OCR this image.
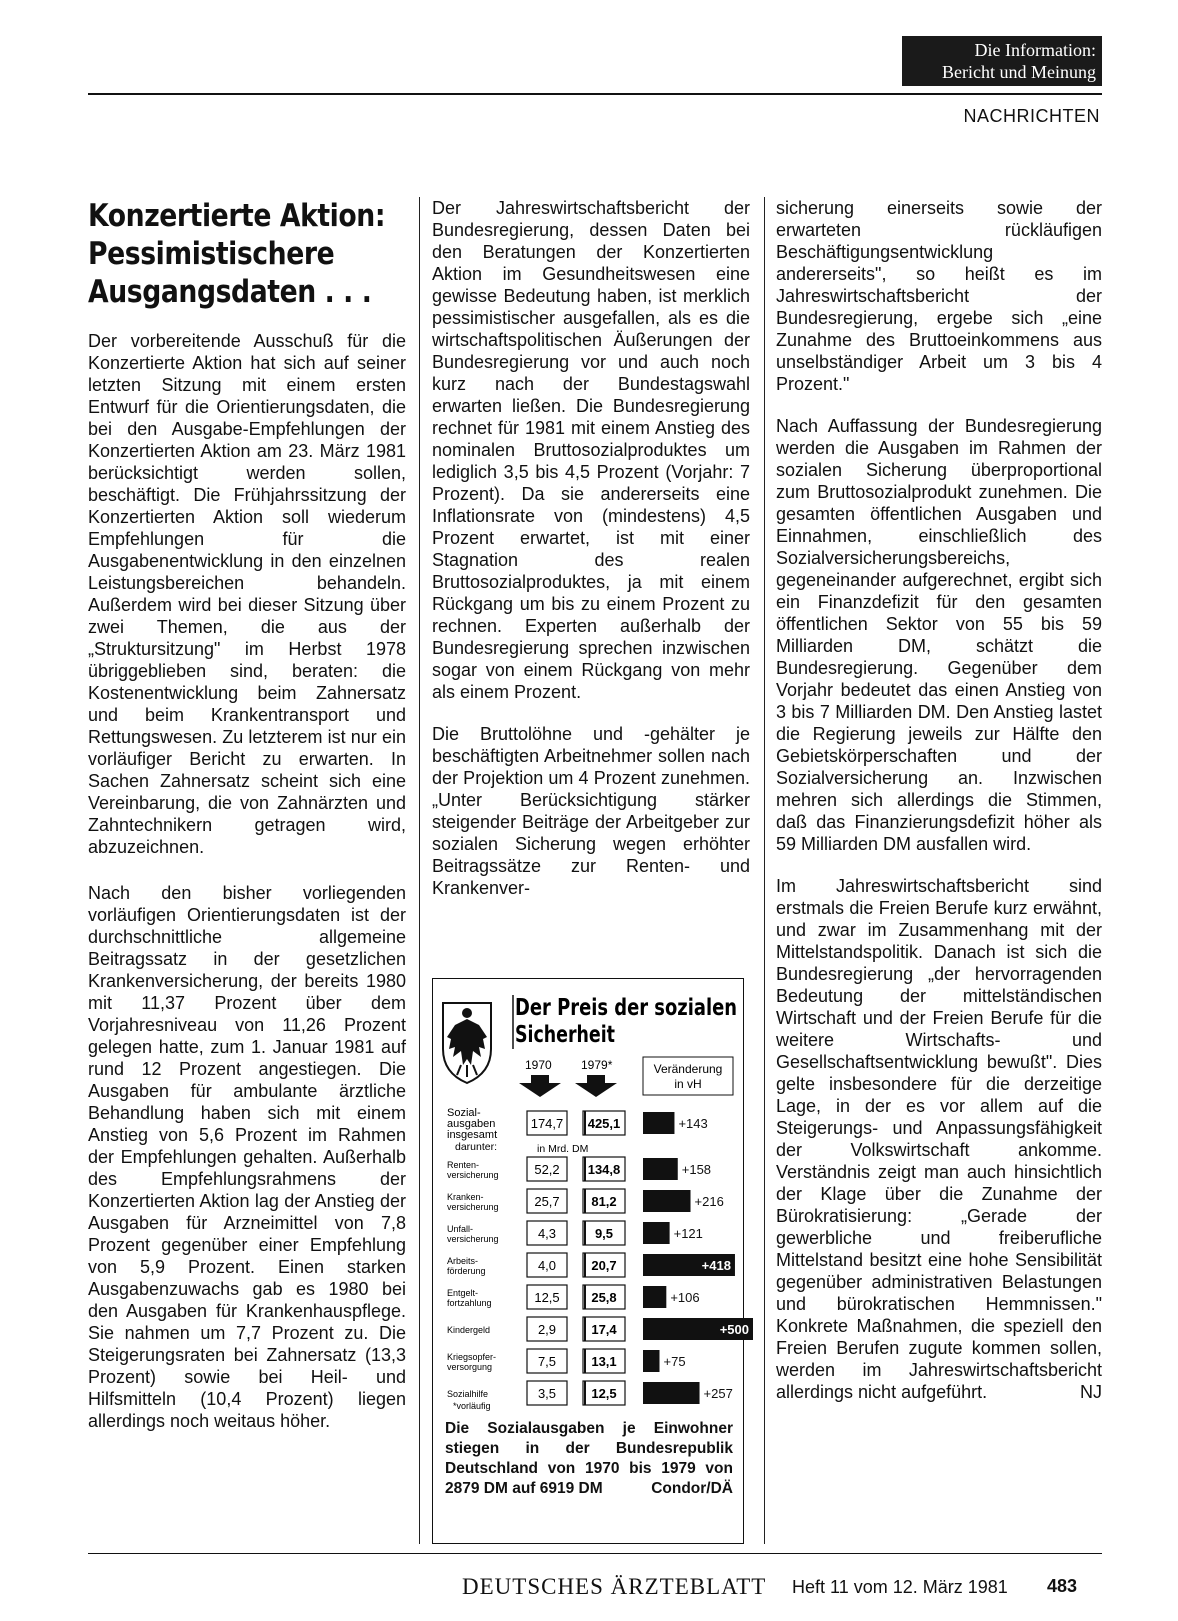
Die Information:
Bericht und Meinung
NACHRICHTEN
Konzertierte Aktion:
Pessimistischere
Ausgangsdaten . . .

Der vorbereitende Ausschuß für die Konzertierte Aktion hat sich auf seiner letzten Sitzung mit einem ersten Entwurf für die Orientierungsdaten, die bei den Ausgabe-Empfehlungen der Konzertierten Aktion am 23. März 1981 berücksichtigt werden sollen, beschäftigt. Die Frühjahrssitzung der Konzertierten Aktion soll wiederum Empfehlungen für die Ausgabenentwicklung in den einzelnen Leistungsbereichen behandeln. Außerdem wird bei dieser Sitzung über zwei Themen, die aus der „Struktursitzung" im Herbst 1978 übriggeblieben sind, beraten: die Kostenentwicklung beim Zahnersatz und beim Krankentransport und Rettungswesen. Zu letzterem ist nur ein vorläufiger Bericht zu erwarten. In Sachen Zahnersatz scheint sich eine Vereinbarung, die von Zahnärzten und Zahntechnikern getragen wird, abzuzeichnen.

Nach den bisher vorliegenden vorläufigen Orientierungsdaten ist der durchschnittliche allgemeine Beitragssatz in der gesetzlichen Krankenversicherung, der bereits 1980 mit 11,37 Prozent über dem Vorjahresniveau von 11,26 Prozent gelegen hatte, zum 1. Januar 1981 auf rund 12 Prozent angestiegen. Die Ausgaben für ambulante ärztliche Behandlung haben sich mit einem Anstieg von 5,6 Prozent im Rahmen der Empfehlungen gehalten. Außerhalb des Empfehlungsrahmens der Konzertierten Aktion lag der Anstieg der Ausgaben für Arzneimittel von 7,8 Prozent gegenüber einer Empfehlung von 5,9 Prozent. Einen starken Ausgabenzuwachs gab es 1980 bei den Ausgaben für Krankenhauspflege. Sie nahmen um 7,7 Prozent zu. Die Steigerungsraten bei Zahnersatz (13,3 Prozent) sowie bei Heil- und Hilfsmitteln (10,4 Prozent) liegen allerdings noch weitaus höher.

Der Jahreswirtschaftsbericht der Bundesregierung, dessen Daten bei den Beratungen der Konzertierten Aktion im Gesundheitswesen eine gewisse Bedeutung haben, ist merklich pessimistischer ausgefallen, als es die wirtschaftspolitischen Äußerungen der Bundesregierung vor und auch noch kurz nach der Bundestagswahl erwarten ließen. Die Bundesregierung rechnet für 1981 mit einem Anstieg des nominalen Bruttosozialproduktes um lediglich 3,5 bis 4,5 Prozent (Vorjahr: 7 Prozent). Da sie andererseits eine Inflationsrate von (mindestens) 4,5 Prozent erwartet, ist mit einer Stagnation des realen Bruttosozialproduktes, ja mit einem Rückgang um bis zu einem Prozent zu rechnen. Experten außerhalb der Bundesregierung sprechen inzwischen sogar von einem Rückgang von mehr als einem Prozent.

Die Bruttolöhne und -gehälter je beschäftigten Arbeitnehmer sollen nach der Projektion um 4 Prozent zunehmen. „Unter Berücksichtigung stärker steigender Beiträge der Arbeitgeber zur sozialen Sicherung wegen erhöhter Beitragssätze zur Renten- und Krankenver-

Der Preis der sozialen
Sicherheit
1970 1979*	Veränderung
in vH
darunter:	in Mrd. DM
Sozial-
ausgaben
insgesamt
174,7 425,1	+143
Renten-
versicherung	52,2 134,8	+158
Kranken-
versicherung	25,7 81,2	+216
Unfall-
versicherung	4,3	9,5	+121
Arbeits-
förderung	4,0	20,7	+418
Entgelt-
fortzahlung	12,5 25,8	+106
Kindergeld	2,9	17,4	+500
Kriegsopfer-
versorgung	7,5	13,1	+75
Sozialhilfe	3,5	12,5	+257
*vorläufig
Die Sozialausgaben je Einwohner stiegen in der Bundesrepublik Deutschland von 1970 bis 1979 von 2879 DM auf 6919 DM	Condor/DÄ

sicherung einerseits sowie der erwarteten rückläufigen Beschäftigungsentwicklung andererseits", so heißt es im Jahreswirtschaftsbericht der Bundesregierung, ergebe sich „eine Zunahme des Bruttoeinkommens aus unselbständiger Arbeit um 3 bis 4 Prozent."

Nach Auffassung der Bundesregierung werden die Ausgaben im Rahmen der sozialen Sicherung überproportional zum Bruttosozialprodukt zunehmen. Die gesamten öffentlichen Ausgaben und Einnahmen, einschließlich des Sozialversicherungsbereichs, gegeneinander aufgerechnet, ergibt sich ein Finanzdefizit für den gesamten öffentlichen Sektor von 55 bis 59 Milliarden DM, schätzt die Bundesregierung. Gegenüber dem Vorjahr bedeutet das einen Anstieg von 3 bis 7 Milliarden DM. Den Anstieg lastet die Regierung jeweils zur Hälfte den Gebietskörperschaften und der Sozialversicherung an. Inzwischen mehren sich allerdings die Stimmen, daß das Finanzierungsdefizit höher als 59 Milliarden DM ausfallen wird.

Im Jahreswirtschaftsbericht sind erstmals die Freien Berufe kurz erwähnt, und zwar im Zusammenhang mit der Mittelstandspolitik. Danach ist sich die Bundesregierung „der hervorragenden Bedeutung der mittelständischen Wirtschaft und der Freien Berufe für die weitere Wirtschafts- und Gesellschaftsentwicklung bewußt". Dies gelte insbesondere für die derzeitige Lage, in der es vor allem auf die Steigerungs- und Anpassungsfähigkeit der Volkswirtschaft ankomme. Verständnis zeigt man auch hinsichtlich der Klage über die Zunahme der Bürokratisierung: „Gerade der gewerbliche und freiberufliche Mittelstand besitzt eine hohe Sensibilität gegenüber administrativen Belastungen und bürokratischen Hemmnissen." Konkrete Maßnahmen, die speziell den Freien Berufen zugute kommen sollen, werden im Jahreswirtschaftsbericht allerdings nicht aufgeführt.	NJ

DEUTSCHES ÄRZTEBLATT Heft 11 vom 12. März 1981 483
